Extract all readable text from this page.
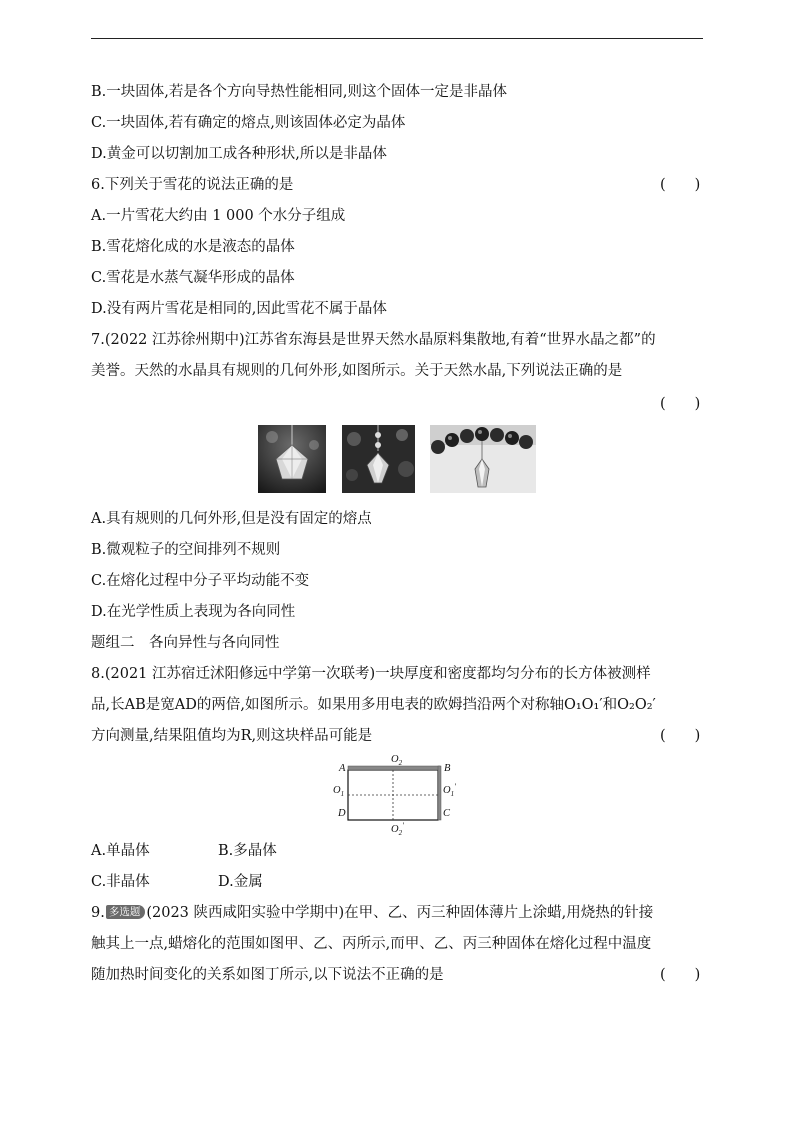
B.一块固体,若是各个方向导热性能相同,则这个固体一定是非晶体
C.一块固体,若有确定的熔点,则该固体必定为晶体
D.黄金可以切割加工成各种形状,所以是非晶体
6.下列关于雪花的说法正确的是	(　　)
A.一片雪花大约由 1 000 个水分子组成
B.雪花熔化成的水是液态的晶体
C.雪花是水蒸气凝华形成的晶体
D.没有两片雪花是相同的,因此雪花不属于晶体
7.(2022 江苏徐州期中)江苏省东海县是世界天然水晶原料集散地,有着“世界水晶之都”的
美誉。天然的水晶具有规则的几何外形,如图所示。关于天然水晶,下列说法正确的是
(　　)
A.具有规则的几何外形,但是没有固定的熔点
B.微观粒子的空间排列不规则
C.在熔化过程中分子平均动能不变
D.在光学性质上表现为各向同性
题组二　各向异性与各向同性
8.(2021 江苏宿迁沭阳修远中学第一次联考)一块厚度和密度都均匀分布的长方体被测样
品,长AB是宽AD的两倍,如图所示。如果用多用电表的欧姆挡沿两个对称轴O₁O₁′和O₂O₂′
方向测量,结果阻值均为R,则这块样品可能是	(　　)
A	B
C
D
$O_2$
$O_2'$
$O_1$	$O_1'$
A.单晶体	B.多晶体
C.非晶体	D.金属
9. 多选题 (2023 陕西咸阳实验中学期中)在甲、乙、丙三种固体薄片上涂蜡,用烧热的针接
触其上一点,蜡熔化的范围如图甲、乙、丙所示,而甲、乙、丙三种固体在熔化过程中温度
随加热时间变化的关系如图丁所示,以下说法不正确的是	(　　)
